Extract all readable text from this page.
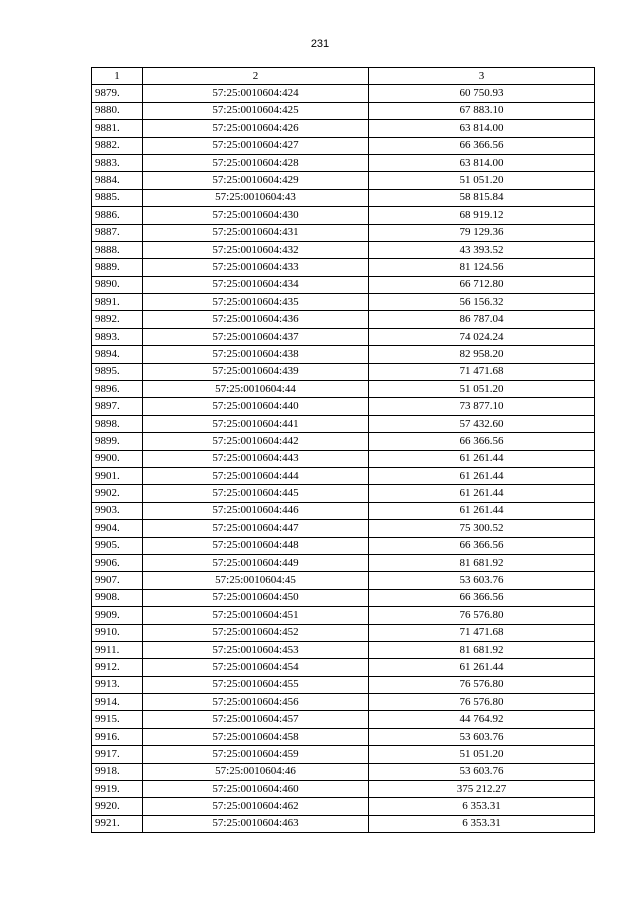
231
1	2	3
9879.	57:25:0010604:424	60 750.93
9880.	57:25:0010604:425	67 883.10
9881.	57:25:0010604:426	63 814.00
9882.	57:25:0010604:427	66 366.56
9883.	57:25:0010604:428	63 814.00
9884.	57:25:0010604:429	51 051.20
9885.	57:25:0010604:43	58 815.84
9886.	57:25:0010604:430	68 919.12
9887.	57:25:0010604:431	79 129.36
9888.	57:25:0010604:432	43 393.52
9889.	57:25:0010604:433	81 124.56
9890.	57:25:0010604:434	66 712.80
9891.	57:25:0010604:435	56 156.32
9892.	57:25:0010604:436	86 787.04
9893.	57:25:0010604:437	74 024.24
9894.	57:25:0010604:438	82 958.20
9895.	57:25:0010604:439	71 471.68
9896.	57:25:0010604:44	51 051.20
9897.	57:25:0010604:440	73 877.10
9898.	57:25:0010604:441	57 432.60
9899.	57:25:0010604:442	66 366.56
9900.	57:25:0010604:443	61 261.44
9901.	57:25:0010604:444	61 261.44
9902.	57:25:0010604:445	61 261.44
9903.	57:25:0010604:446	61 261.44
9904.	57:25:0010604:447	75 300.52
9905.	57:25:0010604:448	66 366.56
9906.	57:25:0010604:449	81 681.92
9907.	57:25:0010604:45	53 603.76
9908.	57:25:0010604:450	66 366.56
9909.	57:25:0010604:451	76 576.80
9910.	57:25:0010604:452	71 471.68
9911.	57:25:0010604:453	81 681.92
9912.	57:25:0010604:454	61 261.44
9913.	57:25:0010604:455	76 576.80
9914.	57:25:0010604:456	76 576.80
9915.	57:25:0010604:457	44 764.92
9916.	57:25:0010604:458	53 603.76
9917.	57:25:0010604:459	51 051.20
9918.	57:25:0010604:46	53 603.76
9919.	57:25:0010604:460	375 212.27
9920.	57:25:0010604:462	6 353.31
9921.	57:25:0010604:463	6 353.31
